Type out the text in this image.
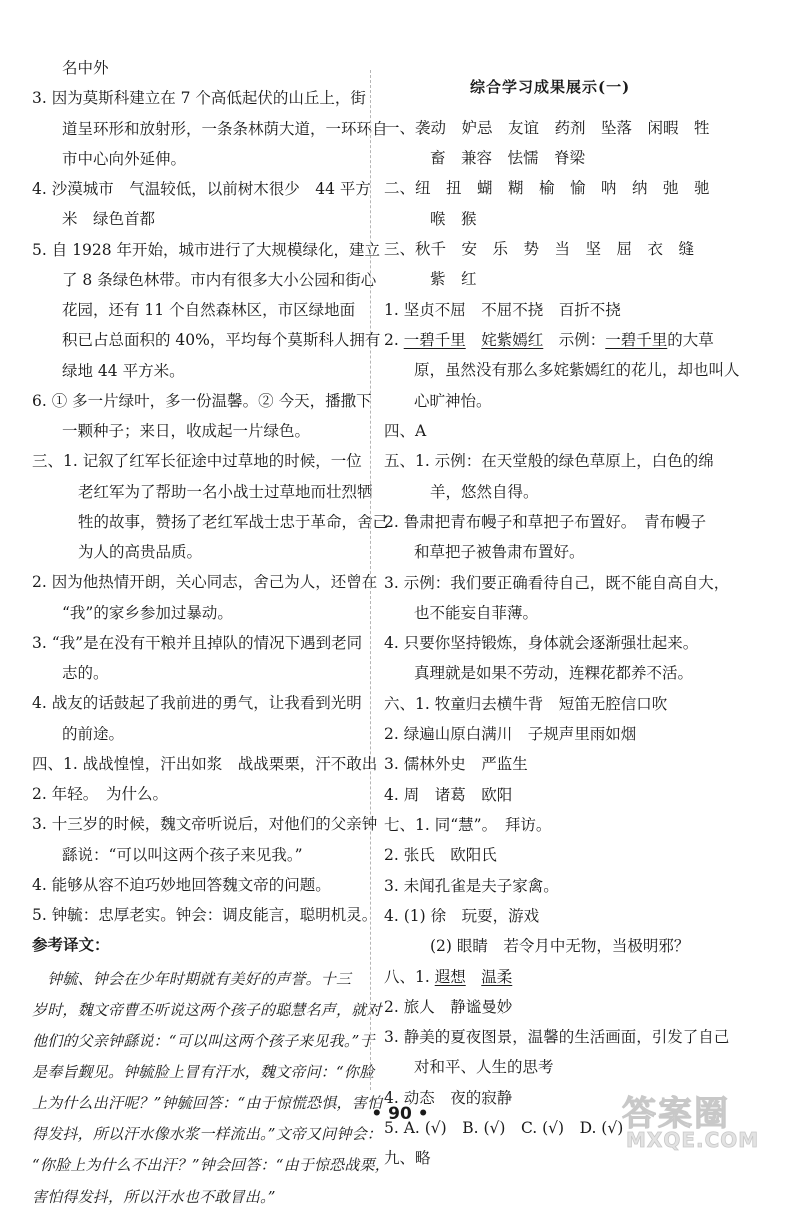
名中外
3. 因为莫斯科建立在 7 个高低起伏的山丘上，街
道呈环形和放射形，一条条林荫大道，一环环自
市中心向外延伸。
4. 沙漠城市　气温较低，以前树木很少　44 平方
米　绿色首都
5. 自 1928 年开始，城市进行了大规模绿化，建立
了 8 条绿色林带。市内有很多大小公园和街心
花园，还有 11 个自然森林区，市区绿地面
积已占总面积的 40%，平均每个莫斯科人拥有
绿地 44 平方米。
6. ① 多一片绿叶，多一份温馨。② 今天，播撒下
一颗种子；来日，收成起一片绿色。
三、1. 记叙了红军长征途中过草地的时候，一位
老红军为了帮助一名小战士过草地而壮烈牺
牲的故事，赞扬了老红军战士忠于革命，舍己
为人的高贵品质。
2. 因为他热情开朗，关心同志，舍己为人，还曾在
“我”的家乡参加过暴动。
3. “我”是在没有干粮并且掉队的情况下遇到老同
志的。
4. 战友的话鼓起了我前进的勇气，让我看到光明
的前途。
四、1. 战战惶惶，汗出如浆　战战栗栗，汗不敢出
2. 年轻。　为什么。
3. 十三岁的时候，魏文帝听说后，对他们的父亲钟
繇说：“可以叫这两个孩子来见我。”
4. 能够从容不迫巧妙地回答魏文帝的问题。
5. 钟毓：忠厚老实。钟会：调皮能言，聪明机灵。
参考译文：
　钟毓、钟会在少年时期就有美好的声誉。十三
岁时，魏文帝曹丕听说这两个孩子的聪慧名声，就对
他们的父亲钟繇说：“可以叫这两个孩子来见我。”于
是奉旨觐见。钟毓脸上冒有汗水，魏文帝问：“你脸
上为什么出汗呢？”钟毓回答：“由于惊慌恐惧，害怕
得发抖，所以汗水像水浆一样流出。”文帝又问钟会：
“你脸上为什么不出汗？”钟会回答：“由于惊恐战栗，
害怕得发抖，所以汗水也不敢冒出。”
综合学习成果展示(一)
一、袭动　妒忌　友谊　药剂　坠落　闲暇　牲
畜　兼容　怯懦　脊梁
二、纽　扭　蝴　糊　榆　愉　呐　纳　弛　驰
喉　猴
三、秋千　安　乐　势　当　坚　屈　衣　缝
紫　红
1. 坚贞不屈　不屈不挠　百折不挠
2. 一碧千里　 姹紫嫣红　示例：一碧千里的大草
原，虽然没有那么多姹紫嫣红的花儿，却也叫人
心旷神怡。
四、A
五、1. 示例：在天堂般的绿色草原上，白色的绵
羊，悠然自得。
2. 鲁肃把青布幔子和草把子布置好。　青布幔子
和草把子被鲁肃布置好。
3. 示例：我们要正确看待自己，既不能自高自大，
也不能妄自菲薄。
4. 只要你坚持锻炼，身体就会逐渐强壮起来。
真理就是如果不劳动，连粿花都养不活。
六、1. 牧童归去横牛背　短笛无腔信口吹
2. 绿遍山原白满川　子规声里雨如烟
3. 儒林外史　严监生
4. 周　诸葛　欧阳
七、1. 同“慧”。　拜访。
2. 张氏　欧阳氏
3. 未闻孔雀是夫子家禽。
4. (1) 徐　玩耍，游戏
(2) 眼睛　若令月中无物，当极明邪？
八、1. 遐想　 温柔
2. 旅人　静谧曼妙
3. 静美的夏夜图景，温馨的生活画面，引发了自己
对和平、人生的思考
4. 动态　夜的寂静
5. A. (√)　B. (√)　C. (√)　D. (√)
九、略
• 90 •	答案圈
MXQE.COM
